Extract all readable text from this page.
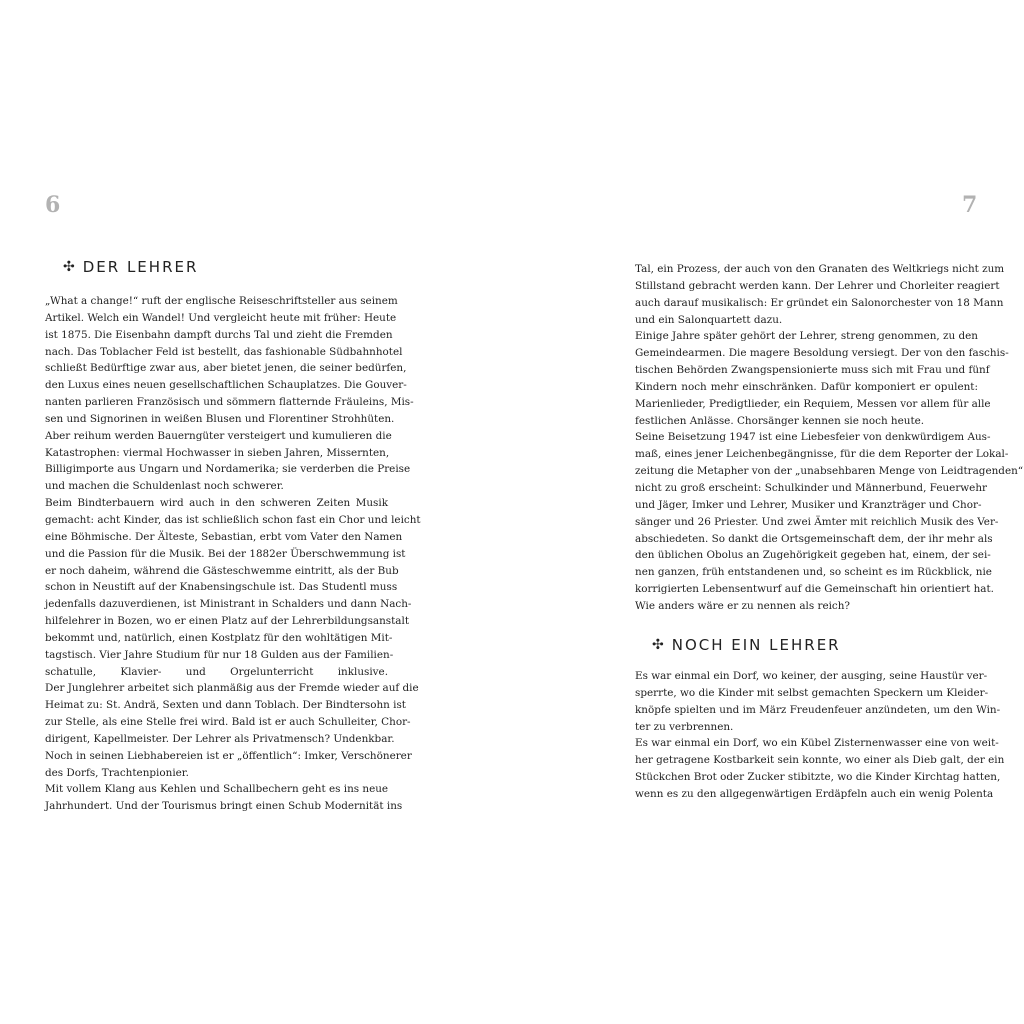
6	7
✣ DER LEHRER
„What a change!“ ruft der englische Reiseschriftsteller aus seinem
Artikel. Welch ein Wandel! Und vergleicht heute mit früher: Heute
ist 1875. Die Eisenbahn dampft durchs Tal und zieht die Fremden
nach. Das Toblacher Feld ist bestellt, das fashionable Südbahnhotel
schließt Bedürftige zwar aus, aber bietet jenen, die seiner bedürfen,
den Luxus eines neuen gesellschaftlichen Schauplatzes. Die Gouver-
nanten parlieren Französisch und sömmern flatternde Fräuleins, Mis-
sen und Signorinen in weißen Blusen und Florentiner Strohhüten.
Aber reihum werden Bauerngüter versteigert und kumulieren die
Katastrophen: viermal Hochwasser in sieben Jahren, Missernten,
Billigimporte aus Ungarn und Nordamerika; sie verderben die Preise
und machen die Schuldenlast noch schwerer.
Beim Bindterbauern wird auch in den schweren Zeiten Musik
gemacht: acht Kinder, das ist schließlich schon fast ein Chor und leicht
eine Böhmische. Der Älteste, Sebastian, erbt vom Vater den Namen
und die Passion für die Musik. Bei der 1882er Überschwemmung ist
er noch daheim, während die Gästeschwemme eintritt, als der Bub
schon in Neustift auf der Knabensingschule ist. Das Studentl muss
jedenfalls dazuverdienen, ist Ministrant in Schalders und dann Nach-
hilfelehrer in Bozen, wo er einen Platz auf der Lehrerbildungsanstalt
bekommt und, natürlich, einen Kostplatz für den wohltätigen Mit-
tagstisch. Vier Jahre Studium für nur 18 Gulden aus der Familien-
schatulle, Klavier- und Orgelunterricht inklusive.
Der Junglehrer arbeitet sich planmäßig aus der Fremde wieder auf die
Heimat zu: St. Andrä, Sexten und dann Toblach. Der Bindtersohn ist
zur Stelle, als eine Stelle frei wird. Bald ist er auch Schulleiter, Chor-
dirigent, Kapellmeister. Der Lehrer als Privatmensch? Undenkbar.
Noch in seinen Liebhabereien ist er „öffentlich“: Imker, Verschönerer
des Dorfs, Trachtenpionier.
Mit vollem Klang aus Kehlen und Schallbechern geht es ins neue
Jahrhundert. Und der Tourismus bringt einen Schub Modernität ins
Tal, ein Prozess, der auch von den Granaten des Weltkriegs nicht zum
Stillstand gebracht werden kann. Der Lehrer und Chorleiter reagiert
auch darauf musikalisch: Er gründet ein Salonorchester von 18 Mann
und ein Salonquartett dazu.
Einige Jahre später gehört der Lehrer, streng genommen, zu den
Gemeindearmen. Die magere Besoldung versiegt. Der von den faschis-
tischen Behörden Zwangspensionierte muss sich mit Frau und fünf
Kindern noch mehr einschränken. Dafür komponiert er opulent:
Marienlieder, Predigtlieder, ein Requiem, Messen vor allem für alle
festlichen Anlässe. Chorsänger kennen sie noch heute.
Seine Beisetzung 1947 ist eine Liebesfeier von denkwürdigem Aus-
maß, eines jener Leichenbegängnisse, für die dem Reporter der Lokal-
zeitung die Metapher von der „unabsehbaren Menge von Leidtragenden“
nicht zu groß erscheint: Schulkinder und Männerbund, Feuerwehr
und Jäger, Imker und Lehrer, Musiker und Kranzträger und Chor-
sänger und 26 Priester. Und zwei Ämter mit reichlich Musik des Ver-
abschiedeten. So dankt die Ortsgemeinschaft dem, der ihr mehr als
den üblichen Obolus an Zugehörigkeit gegeben hat, einem, der sei-
nen ganzen, früh entstandenen und, so scheint es im Rückblick, nie
korrigierten Lebensentwurf auf die Gemeinschaft hin orientiert hat.
Wie anders wäre er zu nennen als reich?
✣ NOCH EIN LEHRER
Es war einmal ein Dorf, wo keiner, der ausging, seine Haustür ver-
sperrte, wo die Kinder mit selbst gemachten Speckern um Kleider-
knöpfe spielten und im März Freudenfeuer anzündeten, um den Win-
ter zu verbrennen.
Es war einmal ein Dorf, wo ein Kübel Zisternenwasser eine von weit-
her getragene Kostbarkeit sein konnte, wo einer als Dieb galt, der ein
Stückchen Brot oder Zucker stibitzte, wo die Kinder Kirchtag hatten,
wenn es zu den allgegenwärtigen Erdäpfeln auch ein wenig Polenta
